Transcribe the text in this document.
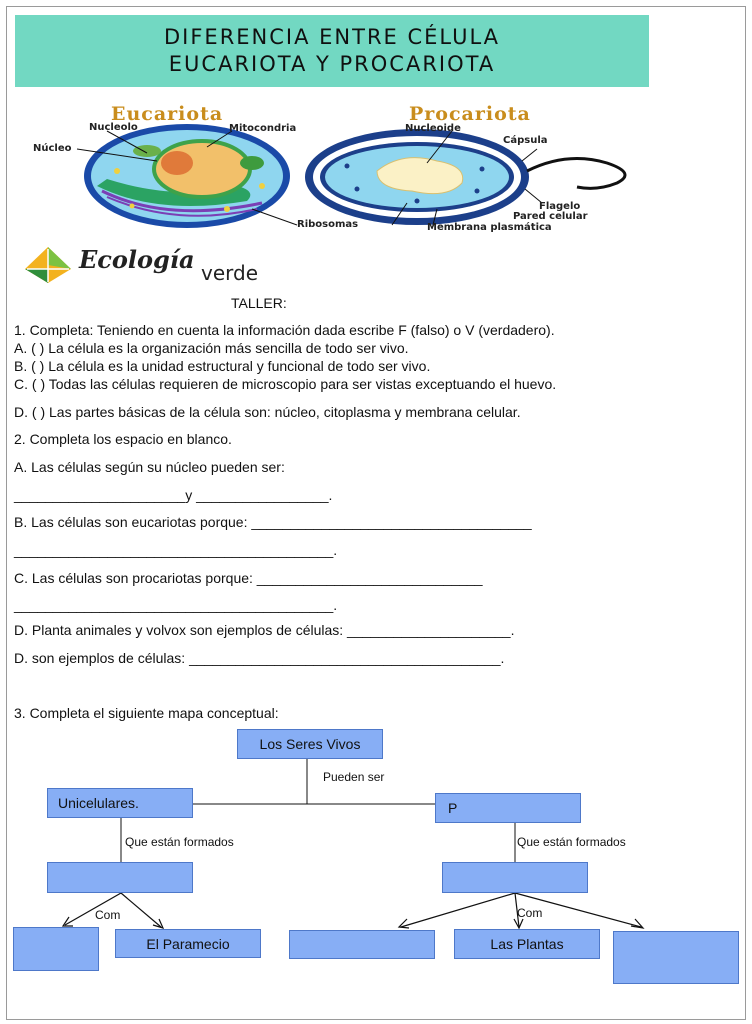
DIFERENCIA ENTRE CÉLULA
EUCARIOTA Y PROCARIOTA
Eucariota	Procariota
Nucleolo	Mitocondria
Núcleo
Ribosomas
Nucleoide
Cápsula
Flagelo
Pared celular
Membrana plasmática
Ecología verde
TALLER:
1. Completa: Teniendo en cuenta la información dada escribe F (falso) o V (verdadero).
A. ( ) La célula es la organización más sencilla de todo ser vivo.
B. ( ) La célula es la unidad estructural y funcional de todo ser vivo.
C. ( ) Todas las células requieren de microscopio para ser vistas exceptuando el huevo.
D. ( ) Las partes básicas de la célula son: núcleo, citoplasma y membrana celular.
2. Completa los espacio en blanco.
A. Las células según su núcleo pueden ser:
______________________y _________________.
B. Las células son eucariotas porque: ____________________________________
_________________________________________.
C. Las células son procariotas porque: _____________________________
_________________________________________.
D. Planta animales y volvox son ejemplos de células: _____________________.
D. son ejemplos de células: ________________________________________.
3. Completa el siguiente mapa conceptual:
Los Seres Vivos
Pueden ser
Unicelulares.	P
Que están formados	Que están formados
Com	Com
El Paramecio	Las Plantas
